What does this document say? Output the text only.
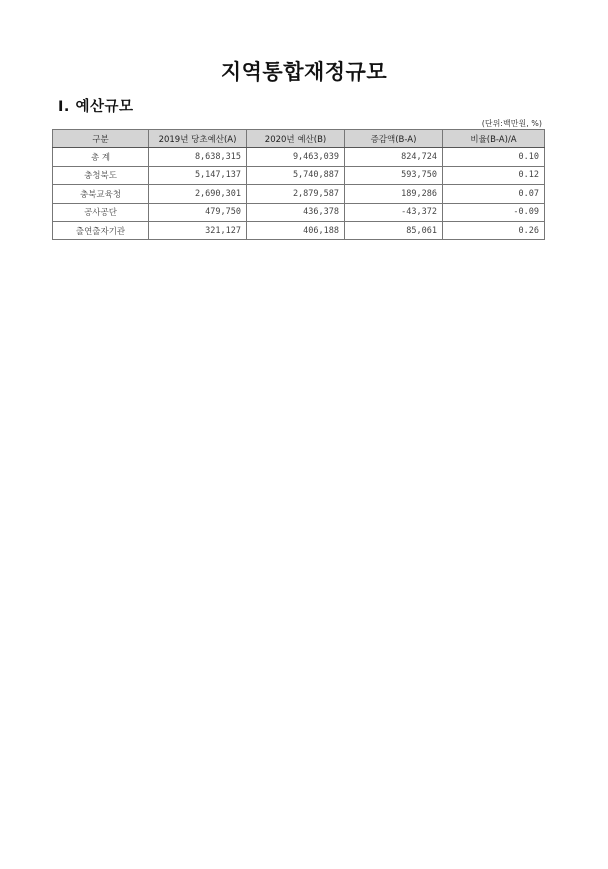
지역통합재정규모
Ⅰ. 예산규모
(단위:백만원, %)
구분	2019년 당초예산(A)	2020년 예산(B)	증감액(B-A)	비율(B-A)/A
총 계	8,638,315	9,463,039	824,724	0.10
충청북도	5,147,137	5,740,887	593,750	0.12
충북교육청	2,690,301	2,879,587	189,286	0.07
공사공단	479,750	436,378	-43,372	-0.09
출연출자기관	321,127	406,188	85,061	0.26
